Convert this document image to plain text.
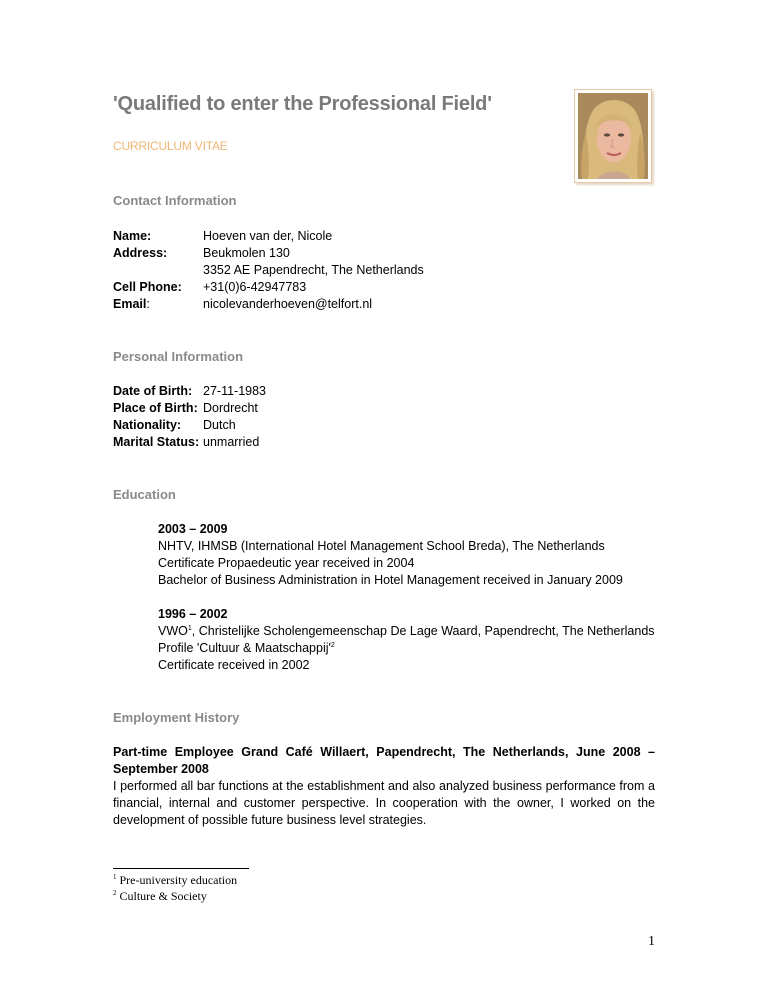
'Qualified to enter the Professional Field'
CURRICULUM VITAE
Contact Information
Name:	Hoeven van der, Nicole
Address:	Beukmolen 130
3352 AE Papendrecht, The Netherlands
Cell Phone:	+31(0)6-42947783
Email:	nicolevanderhoeven@telfort.nl
Personal Information
Date of Birth: 27-11-1983
Place of Birth: Dordrecht
Nationality:	Dutch
Marital Status: unmarried
Education
2003 – 2009
NHTV, IHMSB (International Hotel Management School Breda), The Netherlands
Certificate Propaedeutic year received in 2004
Bachelor of Business Administration in Hotel Management received in January 2009
1996 – 2002
VWO$^1$, Christelijke Scholengemeenschap De Lage Waard, Papendrecht, The Netherlands
Profile 'Cultuur & $Maatschappij'^2$
Certificate received in 2002
Employment History
Part-time Employee Grand Café Willaert, Papendrecht, The Netherlands, June 2008 –
September 2008
I performed all bar functions at the establishment and also analyzed business performance from a financial, internal and customer perspective. In cooperation with the owner, I worked on the development of possible future business level strategies.
$^1$ Pre-university education
$^2$ Culture & Society
1
